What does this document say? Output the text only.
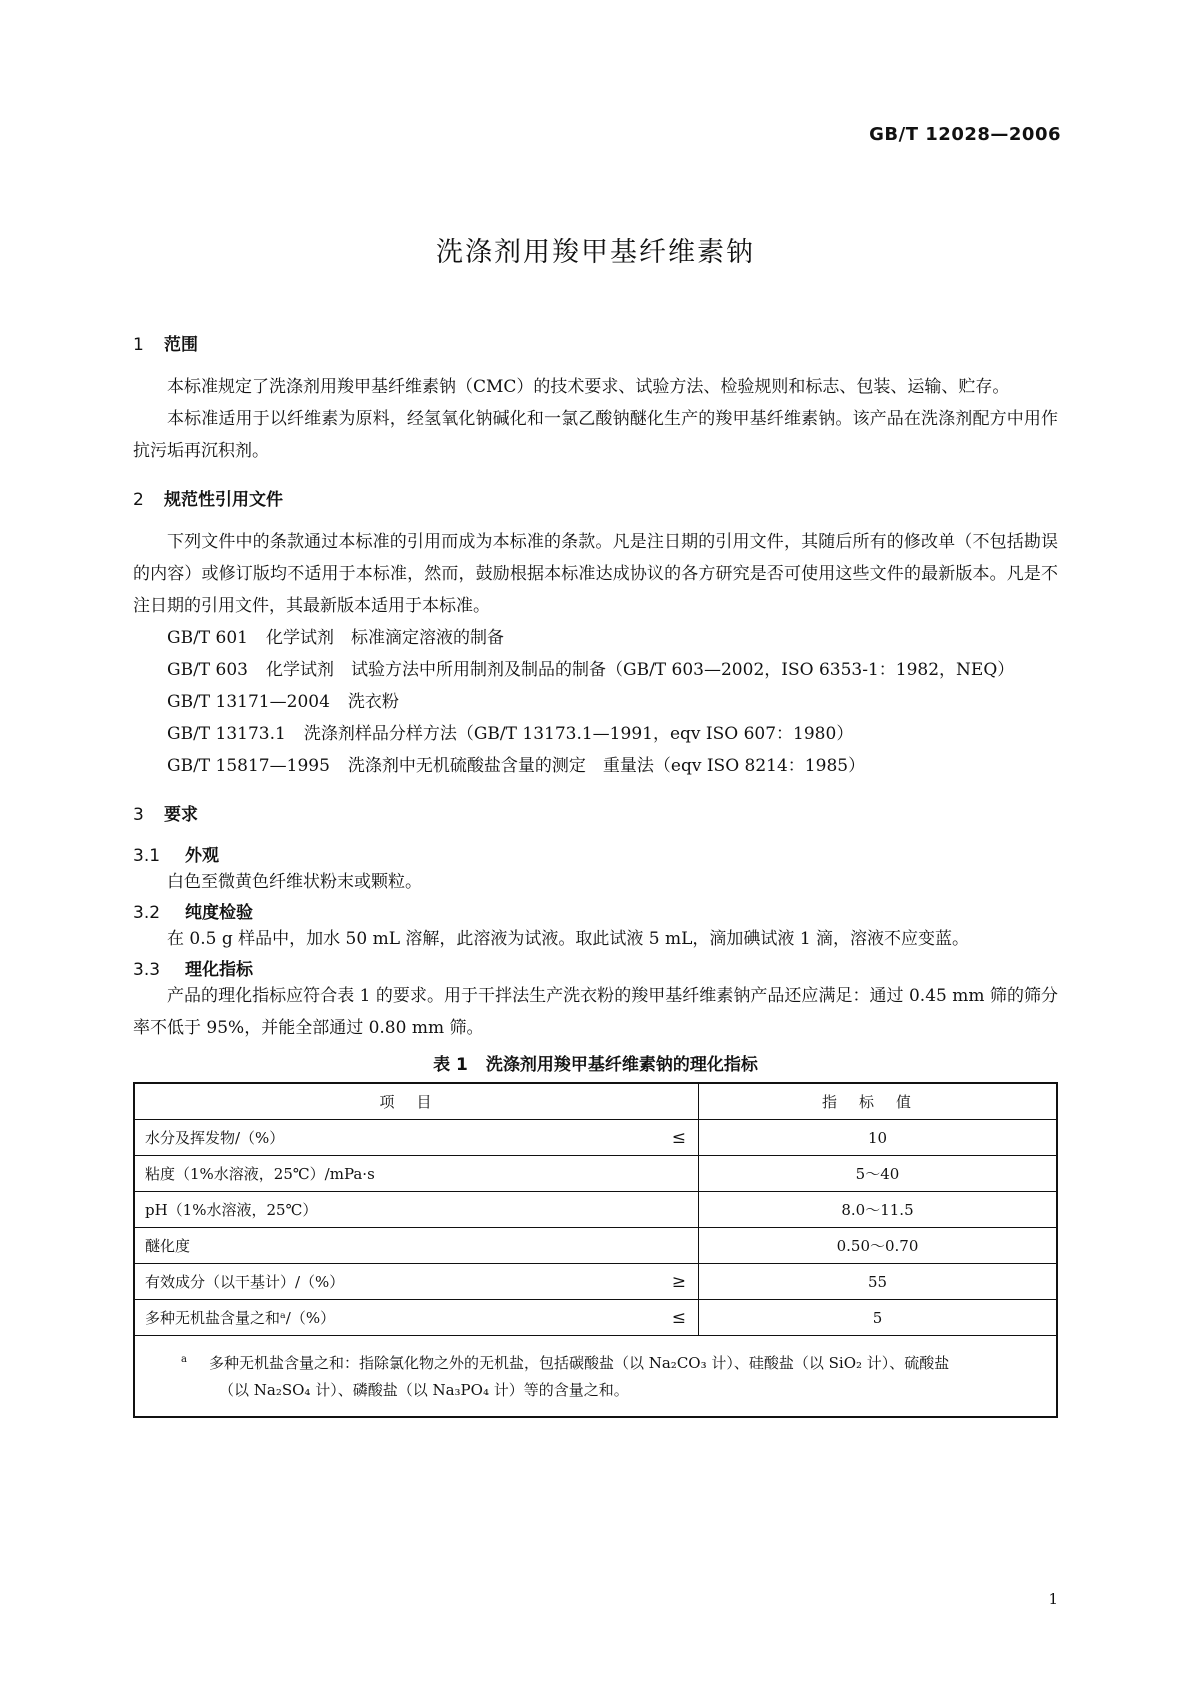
GB/T 12028—2006
洗涤剂用羧甲基纤维素钠
1 范围

本标准规定了洗涤剂用羧甲基纤维素钠（CMC）的技术要求、试验方法、检验规则和标志、包装、运输、贮存。

本标准适用于以纤维素为原料，经氢氧化钠碱化和一氯乙酸钠醚化生产的羧甲基纤维素钠。该产品在洗涤剂配方中用作抗污垢再沉积剂。

2 规范性引用文件

下列文件中的条款通过本标准的引用而成为本标准的条款。凡是注日期的引用文件，其随后所有的修改单（不包括勘误的内容）或修订版均不适用于本标准，然而，鼓励根据本标准达成协议的各方研究是否可使用这些文件的最新版本。凡是不注日期的引用文件，其最新版本适用于本标准。

GB/T 601 化学试剂　标准滴定溶液的制备
GB/T 603 化学试剂　试验方法中所用制剂及制品的制备（GB/T 603—2002，ISO 6353-1：1982，NEQ）
GB/T 13171—2004 洗衣粉
GB/T 13173.1 洗涤剂样品分样方法（GB/T 13173.1—1991，eqv ISO 607：1980）
GB/T 15817—1995 洗涤剂中无机硫酸盐含量的测定　重量法（eqv ISO 8214：1985）
3 要求
3.1 外观

白色至微黄色纤维状粉末或颗粒。

3.2 纯度检验

在 0.5 g 样品中，加水 50 mL 溶解，此溶液为试液。取此试液 5 mL，滴加碘试液 1 滴，溶液不应变蓝。

3.3 理化指标

产品的理化指标应符合表 1 的要求。用于干拌法生产洗衣粉的羧甲基纤维素钠产品还应满足：通过 0.45 mm 筛的筛分率不低于 95%，并能全部通过 0.80 mm 筛。

表 1 洗涤剂用羧甲基纤维素钠的理化指标
项目	指标值
水分及挥发物/（%） ≤	10
粘度（1%水溶液，25℃）/mPa·s	5～40
pH（1%水溶液，25℃）	8.0～11.5
醚化度	0.50～0.70
有效成分（以干基计）/（%） ≥	55
多种无机盐含量之和ᵃ/（%） ≤	5

a 多种无机盐含量之和：指除氯化物之外的无机盐，包括碳酸盐（以 Na₂CO₃ 计）、硅酸盐（以 SiO₂ 计）、硫酸盐
（以 Na₂SO₄ 计）、磷酸盐（以 Na₃PO₄ 计）等的含量之和。	
1
